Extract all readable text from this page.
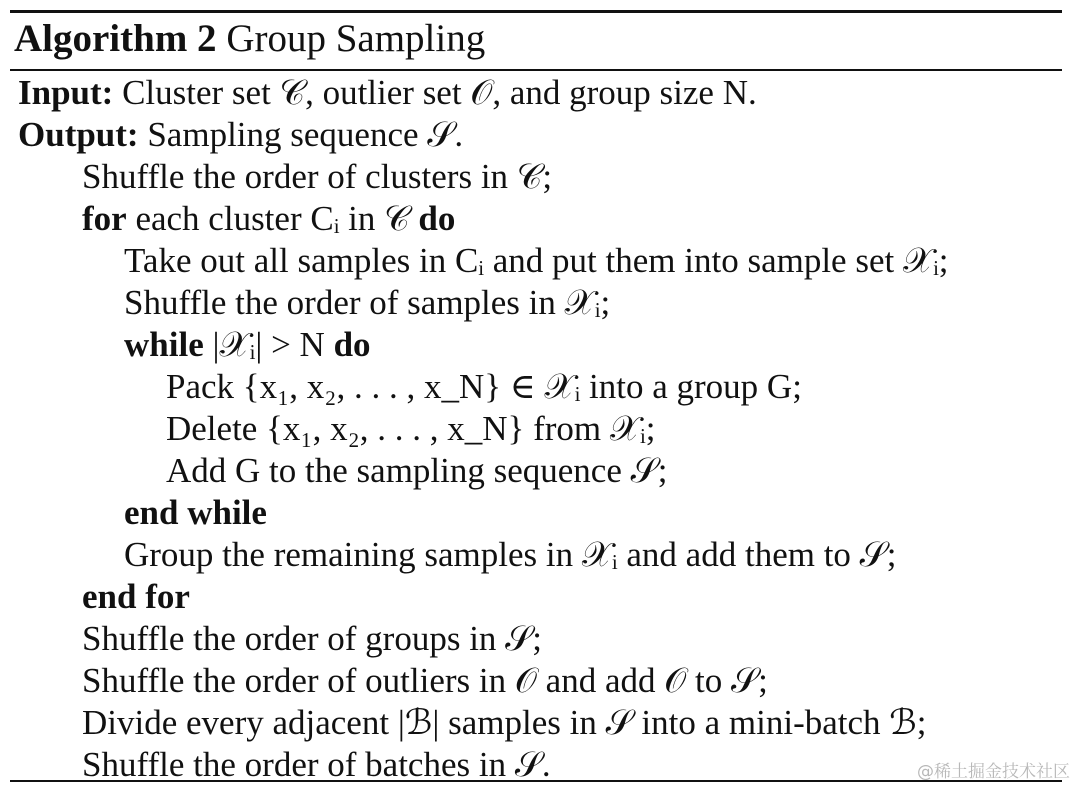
Algorithm 2 Group Sampling
Input: Cluster set 𝒞, outlier set 𝒪, and group size N.
Output: Sampling sequence 𝒮.
Shuffle the order of clusters in 𝒞;
for each cluster Cᵢ in 𝒞 do
Take out all samples in Cᵢ and put them into sample set 𝒳ᵢ;
Shuffle the order of samples in 𝒳ᵢ;
while |𝒳ᵢ| > N do
Pack {x₁, x₂, . . . , x_N} ∈ 𝒳ᵢ into a group G;
Delete {x₁, x₂, . . . , x_N} from 𝒳ᵢ;
Add G to the sampling sequence 𝒮;
end while
Group the remaining samples in 𝒳ᵢ and add them to 𝒮;
end for
Shuffle the order of groups in 𝒮;
Shuffle the order of outliers in 𝒪 and add 𝒪 to 𝒮;
Divide every adjacent |ℬ| samples in 𝒮 into a mini-batch ℬ;
Shuffle the order of batches in 𝒮.	@稀土掘金技术社区
